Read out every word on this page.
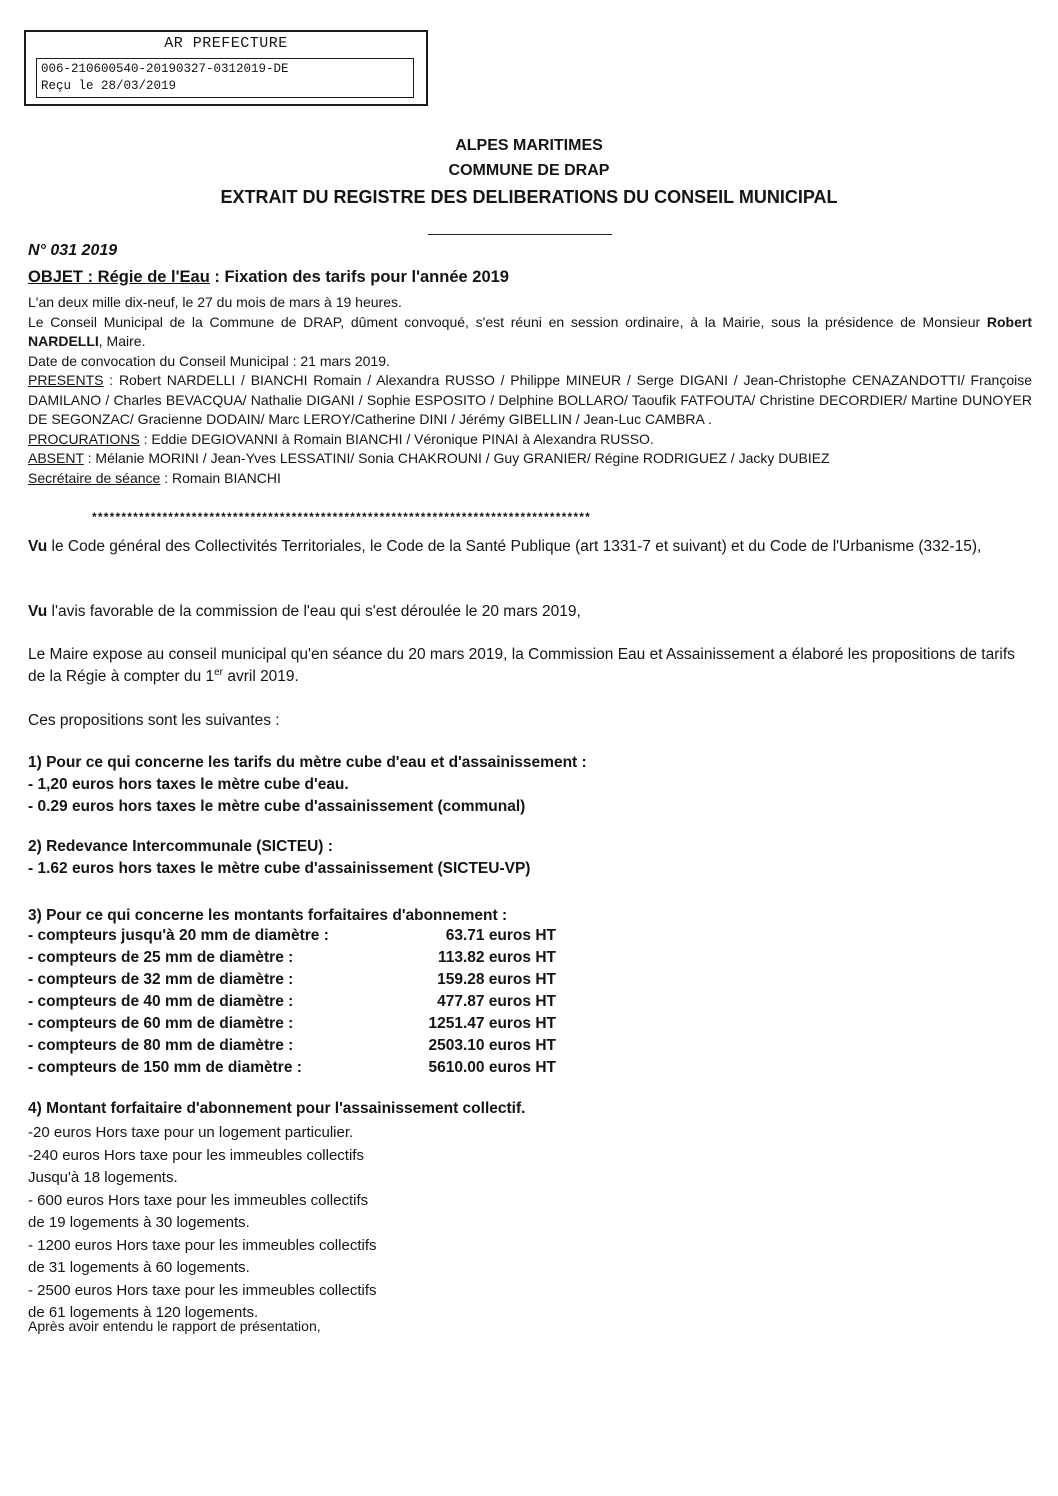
AR PREFECTURE
006-210600540-20190327-0312019-DE
Reçu le 28/03/2019
ALPES MARITIMES
COMMUNE DE DRAP
EXTRAIT DU REGISTRE DES DELIBERATIONS DU CONSEIL MUNICIPAL
N° 031 2019
OBJET : Régie de l'Eau : Fixation des tarifs pour l'année 2019

L'an deux mille dix-neuf, le 27 du mois de mars à 19 heures.

Le Conseil Municipal de la Commune de DRAP, dûment convoqué, s'est réuni en session ordinaire, à la Mairie, sous la présidence de Monsieur Robert NARDELLI, Maire.

Date de convocation du Conseil Municipal : 21 mars 2019.

PRESENTS : Robert NARDELLI / BIANCHI Romain / Alexandra RUSSO / Philippe MINEUR / Serge DIGANI / Jean-Christophe CENAZANDOTTI/ Françoise DAMILANO / Charles BEVACQUA/ Nathalie DIGANI / Sophie ESPOSITO / Delphine BOLLARO/ Taoufik FATFOUTA/ Christine DECORDIER/ Martine DUNOYER DE SEGONZAC/ Gracienne DODAIN/ Marc LEROY/Catherine DINI / Jérémy GIBELLIN / Jean-Luc CAMBRA .

PROCURATIONS : Eddie DEGIOVANNI à Romain BIANCHI / Véronique PINAI à Alexandra RUSSO.

ABSENT : Mélanie MORINI / Jean-Yves LESSATINI/ Sonia CHAKROUNI / Guy GRANIER/ Régine RODRIGUEZ / Jacky DUBIEZ

Secrétaire de séance : Romain BIANCHI

*************************************************************************************

Vu le Code général des Collectivités Territoriales, le Code de la Santé Publique (art 1331-7 et suivant) et du Code de l'Urbanisme (332-15),

Vu l'avis favorable de la commission de l'eau qui s'est déroulée le 20 mars 2019,

Le Maire expose au conseil municipal qu'en séance du 20 mars 2019, la Commission Eau et Assainissement a élaboré les propositions de tarifs de la Régie à compter du 1er avril 2019.

Ces propositions sont les suivantes :

1) Pour ce qui concerne les tarifs du mètre cube d'eau et d'assainissement :
- 1,20 euros hors taxes le mètre cube d'eau.
- 0.29 euros hors taxes le mètre cube d'assainissement (communal)
2) Redevance Intercommunale (SICTEU) :
- 1.62 euros hors taxes le mètre cube d'assainissement (SICTEU-VP)
3) Pour ce qui concerne les montants forfaitaires d'abonnement :
- compteurs jusqu'à 20 mm de diamètre :	63.71 euros HT
- compteurs de 25 mm de diamètre :	113.82 euros HT
- compteurs de 32 mm de diamètre :	159.28 euros HT
- compteurs de 40 mm de diamètre :	477.87 euros HT
- compteurs de 60 mm de diamètre :	1251.47 euros HT
- compteurs de 80 mm de diamètre :	2503.10 euros HT
- compteurs de 150 mm de diamètre :	5610.00 euros HT
4) Montant forfaitaire d'abonnement pour l'assainissement collectif.

-20 euros Hors taxe pour un logement particulier.

-240 euros Hors taxe pour les immeubles collectifs

Jusqu'à 18 logements.

- 600 euros Hors taxe pour les immeubles collectifs

de 19 logements à 30 logements.

- 1200 euros Hors taxe pour les immeubles collectifs

de 31 logements à 60 logements.

- 2500 euros Hors taxe pour les immeubles collectifs

de 61 logements à 120 logements.

Après avoir entendu le rapport de présentation,
